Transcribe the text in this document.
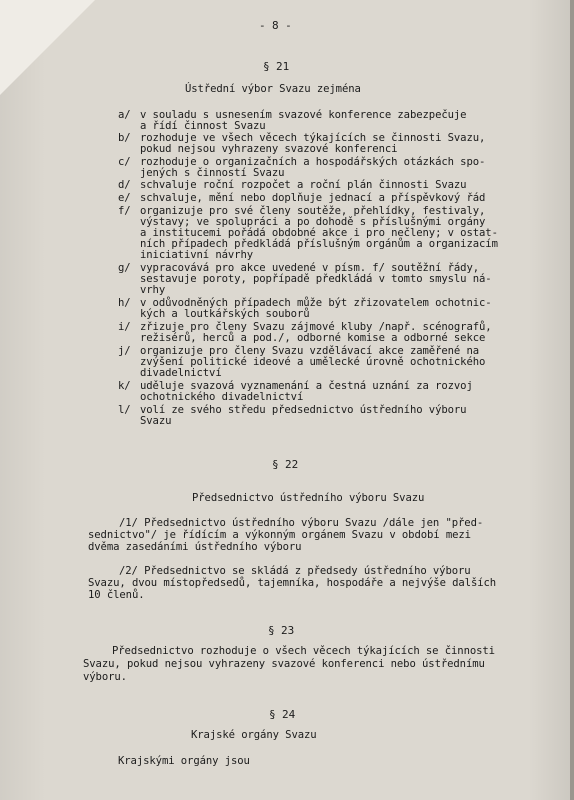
- 8 -
§ 21
Ústřední výbor Svazu zejména
a/ v souladu s usnesením svazové konference zabezpečuje
a řídí činnost Svazu
b/ rozhoduje ve všech věcech týkajících se činnosti Svazu,
pokud nejsou vyhrazeny svazové konferenci
c/ rozhoduje o organizačních a hospodářských otázkách spo-
jených s činností Svazu
d/ schvaluje roční rozpočet a roční plán činnosti Svazu
e/ schvaluje, mění nebo doplňuje jednací a příspěvkový řád
f/ organizuje pro své členy soutěže, přehlídky, festivaly,
výstavy; ve spolupráci a po dohodě s příslušnými orgány
a institucemi pořádá obdobné akce i pro nečleny; v ostat-
ních případech předkládá příslušným orgánům a organizacím
iniciativní návrhy
g/ vypracovává pro akce uvedené v písm. f/ soutěžní řády,
sestavuje poroty, popřípadě předkládá v tomto smyslu ná-
vrhy
h/ v odůvodněných případech může být zřizovatelem ochotnic-
kých a loutkářských souborů
i/ zřizuje pro členy Svazu zájmové kluby /např. scénografů,
režisérů, herců a pod./, odborné komise a odborné sekce
j/ organizuje pro členy Svazu vzdělávací akce zaměřené na
zvýšení politické ideové a umělecké úrovně ochotnického
divadelnictví
k/ uděluje svazová vyznamenání a čestná uznání za rozvoj
ochotnického divadelnictví
l/ volí ze svého středu předsednictvo ústředního výboru
Svazu
§ 22
Předsednictvo ústředního výboru Svazu
/1/ Předsednictvo ústředního výboru Svazu /dále jen "před-
sednictvo"/ je řídícím a výkonným orgánem Svazu v období mezi
dvěma zasedáními ústředního výboru
/2/ Předsednictvo se skládá z předsedy ústředního výboru
Svazu, dvou místopředsedů, tajemníka, hospodáře a nejvýše dalších
10 členů.
§ 23
Předsednictvo rozhoduje o všech věcech týkajících se činnosti
Svazu, pokud nejsou vyhrazeny svazové konferenci nebo ústřednímu
výboru.
§ 24
Krajské orgány Svazu
Krajskými orgány jsou
